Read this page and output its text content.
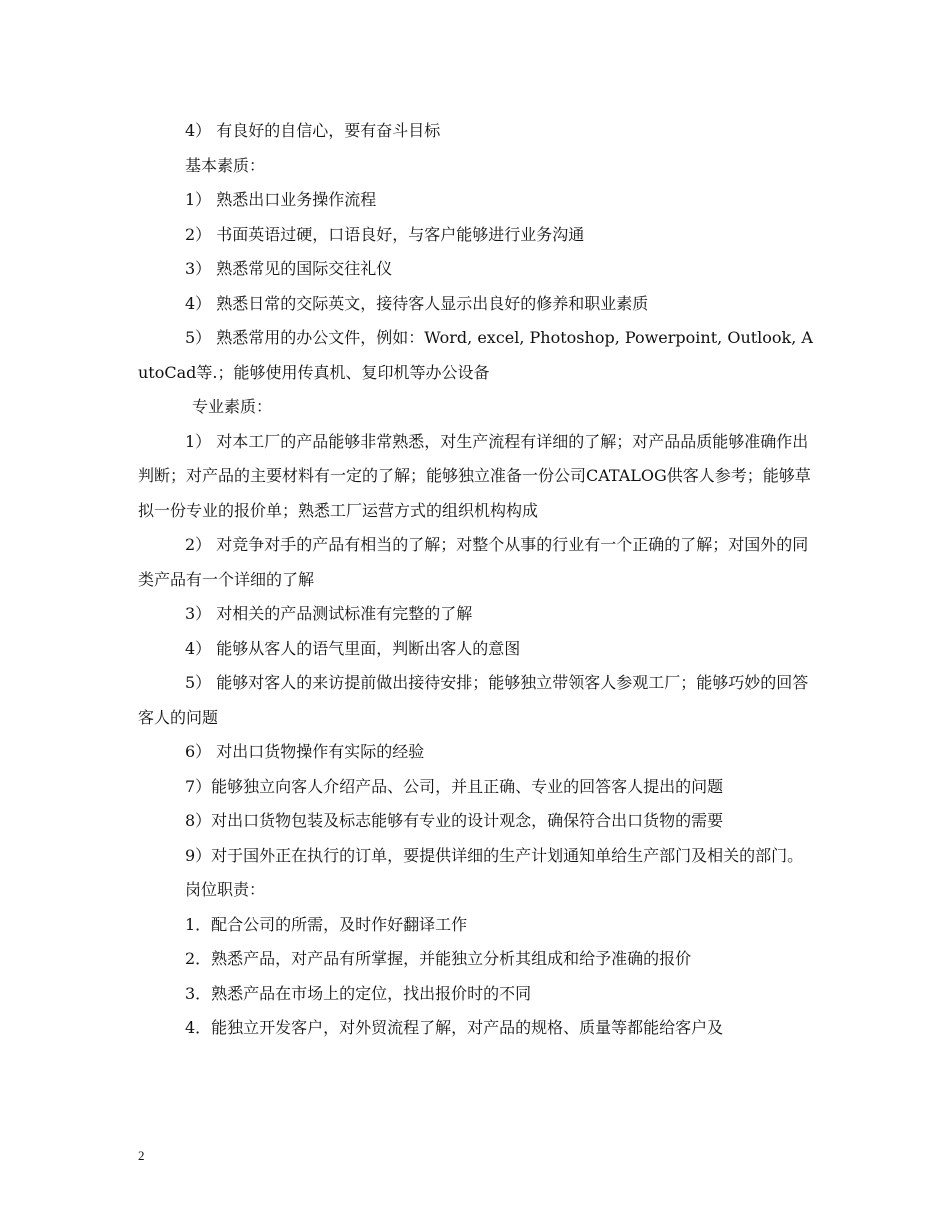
4） 有良好的自信心，要有奋斗目标

基本素质：

1） 熟悉出口业务操作流程

2） 书面英语过硬，口语良好，与客户能够进行业务沟通

3） 熟悉常见的国际交往礼仪

4） 熟悉日常的交际英文，接待客人显示出良好的修养和职业素质

5） 熟悉常用的办公文件，例如：Word, excel, Photoshop, Powerpoint, Outlook, AutoCad等.；能够使用传真机、复印机等办公设备

专业素质：

1） 对本工厂的产品能够非常熟悉，对生产流程有详细的了解；对产品品质能够准确作出判断；对产品的主要材料有一定的了解；能够独立准备一份公司CATALOG供客人参考；能够草拟一份专业的报价单；熟悉工厂运营方式的组织机构构成

2） 对竞争对手的产品有相当的了解；对整个从事的行业有一个正确的了解；对国外的同类产品有一个详细的了解

3） 对相关的产品测试标准有完整的了解

4） 能够从客人的语气里面，判断出客人的意图

5） 能够对客人的来访提前做出接待安排；能够独立带领客人参观工厂；能够巧妙的回答客人的问题

6） 对出口货物操作有实际的经验

7）能够独立向客人介绍产品、公司，并且正确、专业的回答客人提出的问题

8）对出口货物包装及标志能够有专业的设计观念，确保符合出口货物的需要

9）对于国外正在执行的订单，要提供详细的生产计划通知单给生产部门及相关的部门。

岗位职责：

1．配合公司的所需，及时作好翻译工作

2．熟悉产品，对产品有所掌握，并能独立分析其组成和给予准确的报价

3．熟悉产品在市场上的定位，找出报价时的不同

4．能独立开发客户，对外贸流程了解，对产品的规格、质量等都能给客户及

2
